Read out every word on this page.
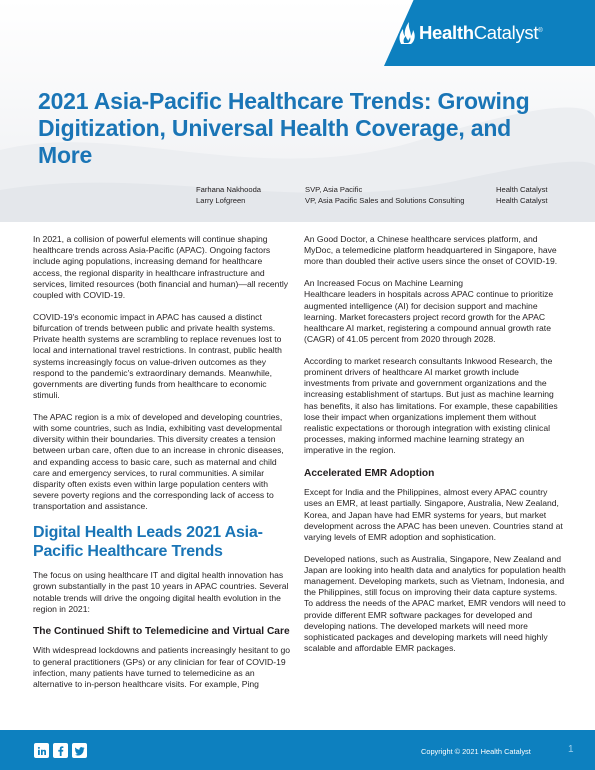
HealthCatalyst®
2021 Asia-Pacific Healthcare Trends: Growing Digitization, Universal Health Coverage, and More
Farhana Nakhooda	SVP, Asia Pacific	Health Catalyst
Larry Lofgreen	VP, Asia Pacific Sales and Solutions Consulting	Health Catalyst

In 2021, a collision of powerful elements will continue shaping healthcare trends across Asia-Pacific (APAC). Ongoing factors include aging populations, increasing demand for healthcare access, the regional disparity in healthcare infrastructure and services, limited resources (both financial and human)—all recently coupled with COVID-19.

COVID-19's economic impact in APAC has caused a distinct bifurcation of trends between public and private health systems. Private health systems are scrambling to replace revenues lost to local and international travel restrictions. In contrast, public health systems increasingly focus on value-driven outcomes as they respond to the pandemic's extraordinary demands. Meanwhile, governments are diverting funds from healthcare to economic stimuli.

The APAC region is a mix of developed and developing countries, with some countries, such as India, exhibiting vast developmental diversity within their boundaries. This diversity creates a tension between urban care, often due to an increase in chronic diseases, and expanding access to basic care, such as maternal and child care and emergency services, to rural communities. A similar disparity often exists even within large population centers with severe poverty regions and the corresponding lack of access to transportation and assistance.

Digital Health Leads 2021 Asia-Pacific Healthcare Trends

The focus on using healthcare IT and digital health innovation has grown substantially in the past 10 years in APAC countries. Several notable trends will drive the ongoing digital health evolution in the region in 2021:

The Continued Shift to Telemedicine and Virtual Care

With widespread lockdowns and patients increasingly hesitant to go to general practitioners (GPs) or any clinician for fear of COVID-19 infection, many patients have turned to telemedicine as an alternative to in-person healthcare visits. For example, Ping

An Good Doctor, a Chinese healthcare services platform, and MyDoc, a telemedicine platform headquartered in Singapore, have more than doubled their active users since the onset of COVID-19.

An Increased Focus on Machine Learning
Healthcare leaders in hospitals across APAC continue to prioritize augmented intelligence (AI) for decision support and machine learning. Market forecasters project record growth for the APAC healthcare AI market, registering a compound annual growth rate (CAGR) of 41.05 percent from 2020 through 2028.

According to market research consultants Inkwood Research, the prominent drivers of healthcare AI market growth include investments from private and government organizations and the increasing establishment of startups. But just as machine learning has benefits, it also has limitations. For example, these capabilities lose their impact when organizations implement them without realistic expectations or thorough integration with existing clinical processes, making informed machine learning strategy an imperative in the region.

Accelerated EMR Adoption

Except for India and the Philippines, almost every APAC country uses an EMR, at least partially. Singapore, Australia, New Zealand, Korea, and Japan have had EMR systems for years, but market development across the APAC has been uneven. Countries stand at varying levels of EMR adoption and sophistication.

Developed nations, such as Australia, Singapore, New Zealand and Japan are looking into health data and analytics for population health management. Developing markets, such as Vietnam, Indonesia, and the Philippines, still focus on improving their data capture systems. To address the needs of the APAC market, EMR vendors will need to provide different EMR software packages for developed and developing nations. The developed markets will need more sophisticated packages and developing markets will need highly scalable and affordable EMR packages.

Copyright © 2021 Health Catalyst	1
